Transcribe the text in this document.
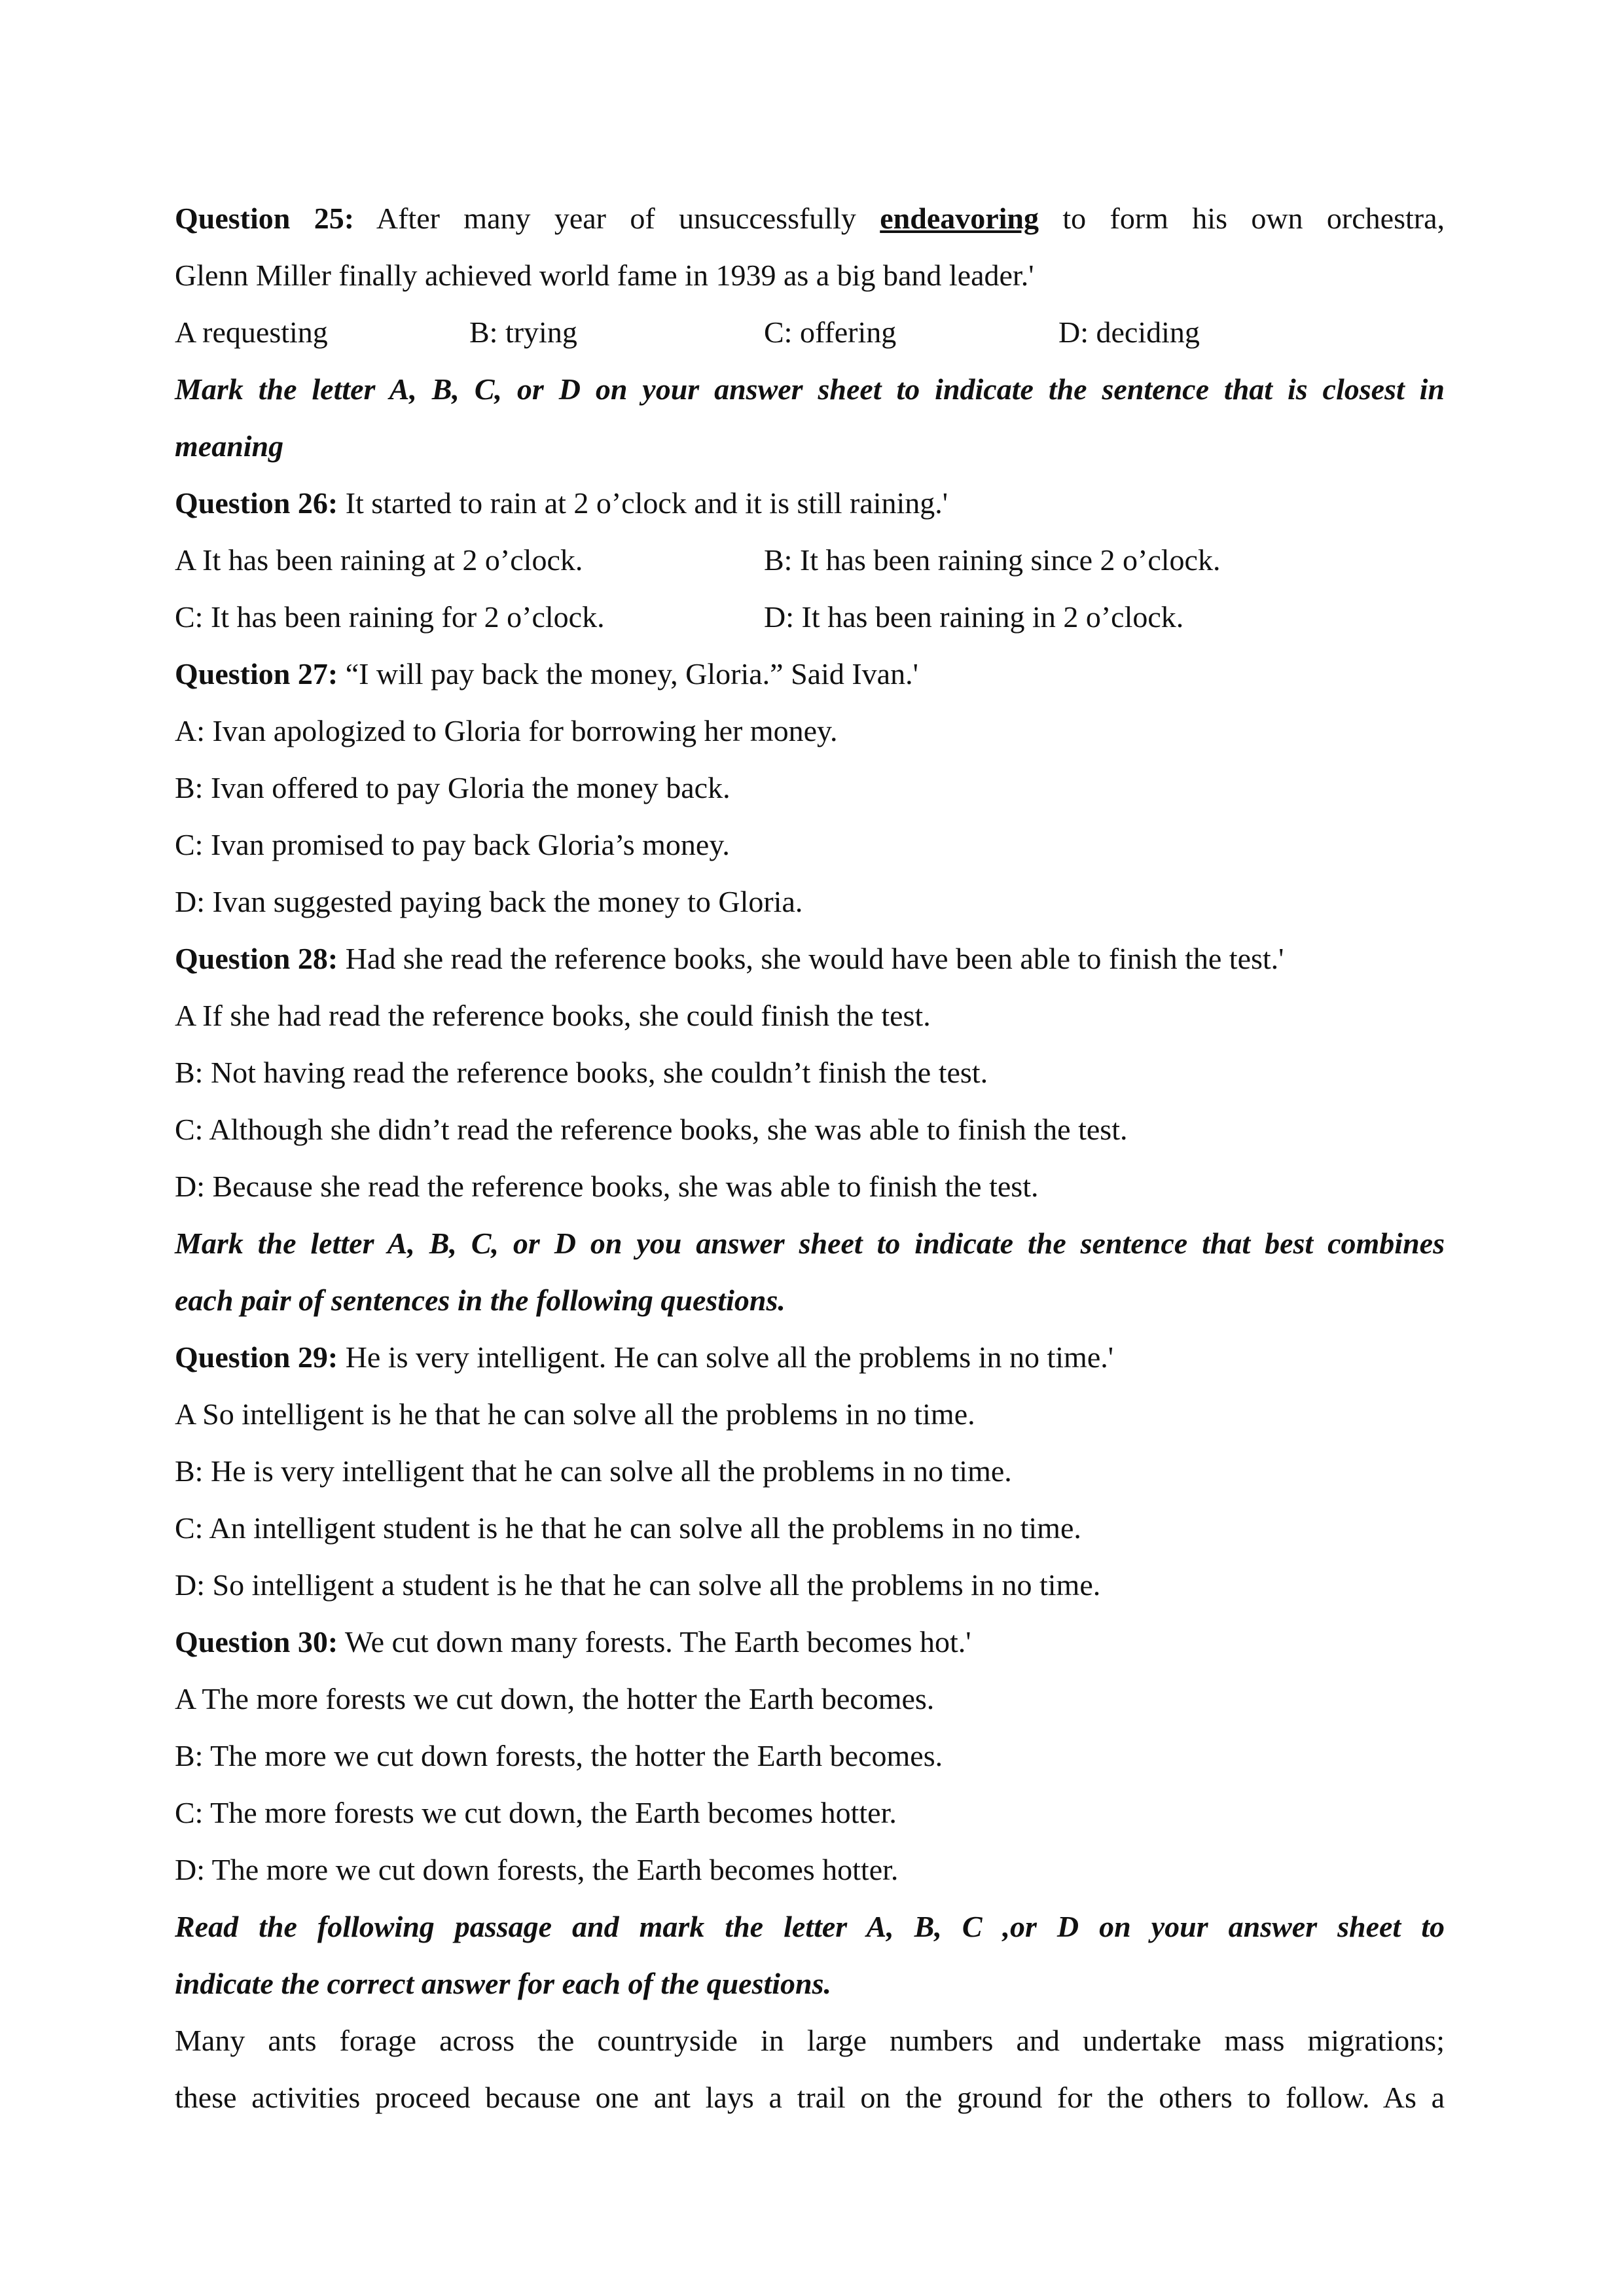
Question 25: After many year of unsuccessfully endeavoring to form his own orchestra,
Glenn Miller finally achieved world fame in 1939 as a big band leader.'
A requesting	B: trying	C: offering	D: deciding
Mark the letter A, B, C, or D on your answer sheet to indicate the sentence that is closest in
meaning
Question 26: It started to rain at 2 o’clock and it is still raining.'
A It has been raining at 2 o’clock.	B: It has been raining since 2 o’clock.
C: It has been raining for 2 o’clock.	D: It has been raining in 2 o’clock.
Question 27: “I will pay back the money, Gloria.” Said Ivan.'
A: Ivan apologized to Gloria for borrowing her money.
B: Ivan offered to pay Gloria the money back.
C: Ivan promised to pay back Gloria’s money.
D: Ivan suggested paying back the money to Gloria.
Question 28: Had she read the reference books, she would have been able to finish the test.'
A If she had read the reference books, she could finish the test.
B: Not having read the reference books, she couldn’t finish the test.
C: Although she didn’t read the reference books, she was able to finish the test.
D: Because she read the reference books, she was able to finish the test.
Mark the letter A, B, C, or D on you answer sheet to indicate the sentence that best combines
each pair of sentences in the following questions.
Question 29: He is very intelligent. He can solve all the problems in no time.'
A So intelligent is he that he can solve all the problems in no time.
B: He is very intelligent that he can solve all the problems in no time.
C: An intelligent student is he that he can solve all the problems in no time.
D: So intelligent a student is he that he can solve all the problems in no time.
Question 30: We cut down many forests. The Earth becomes hot.'
A The more forests we cut down, the hotter the Earth becomes.
B: The more we cut down forests, the hotter the Earth becomes.
C: The more forests we cut down, the Earth becomes hotter.
D: The more we cut down forests, the Earth becomes hotter.
Read the following passage and mark the letter A, B, C ,or D on your answer sheet to
indicate the correct answer for each of the questions.
Many ants forage across the countryside in large numbers and undertake mass migrations;
these activities proceed because one ant lays a trail on the ground for the others to follow. As a
